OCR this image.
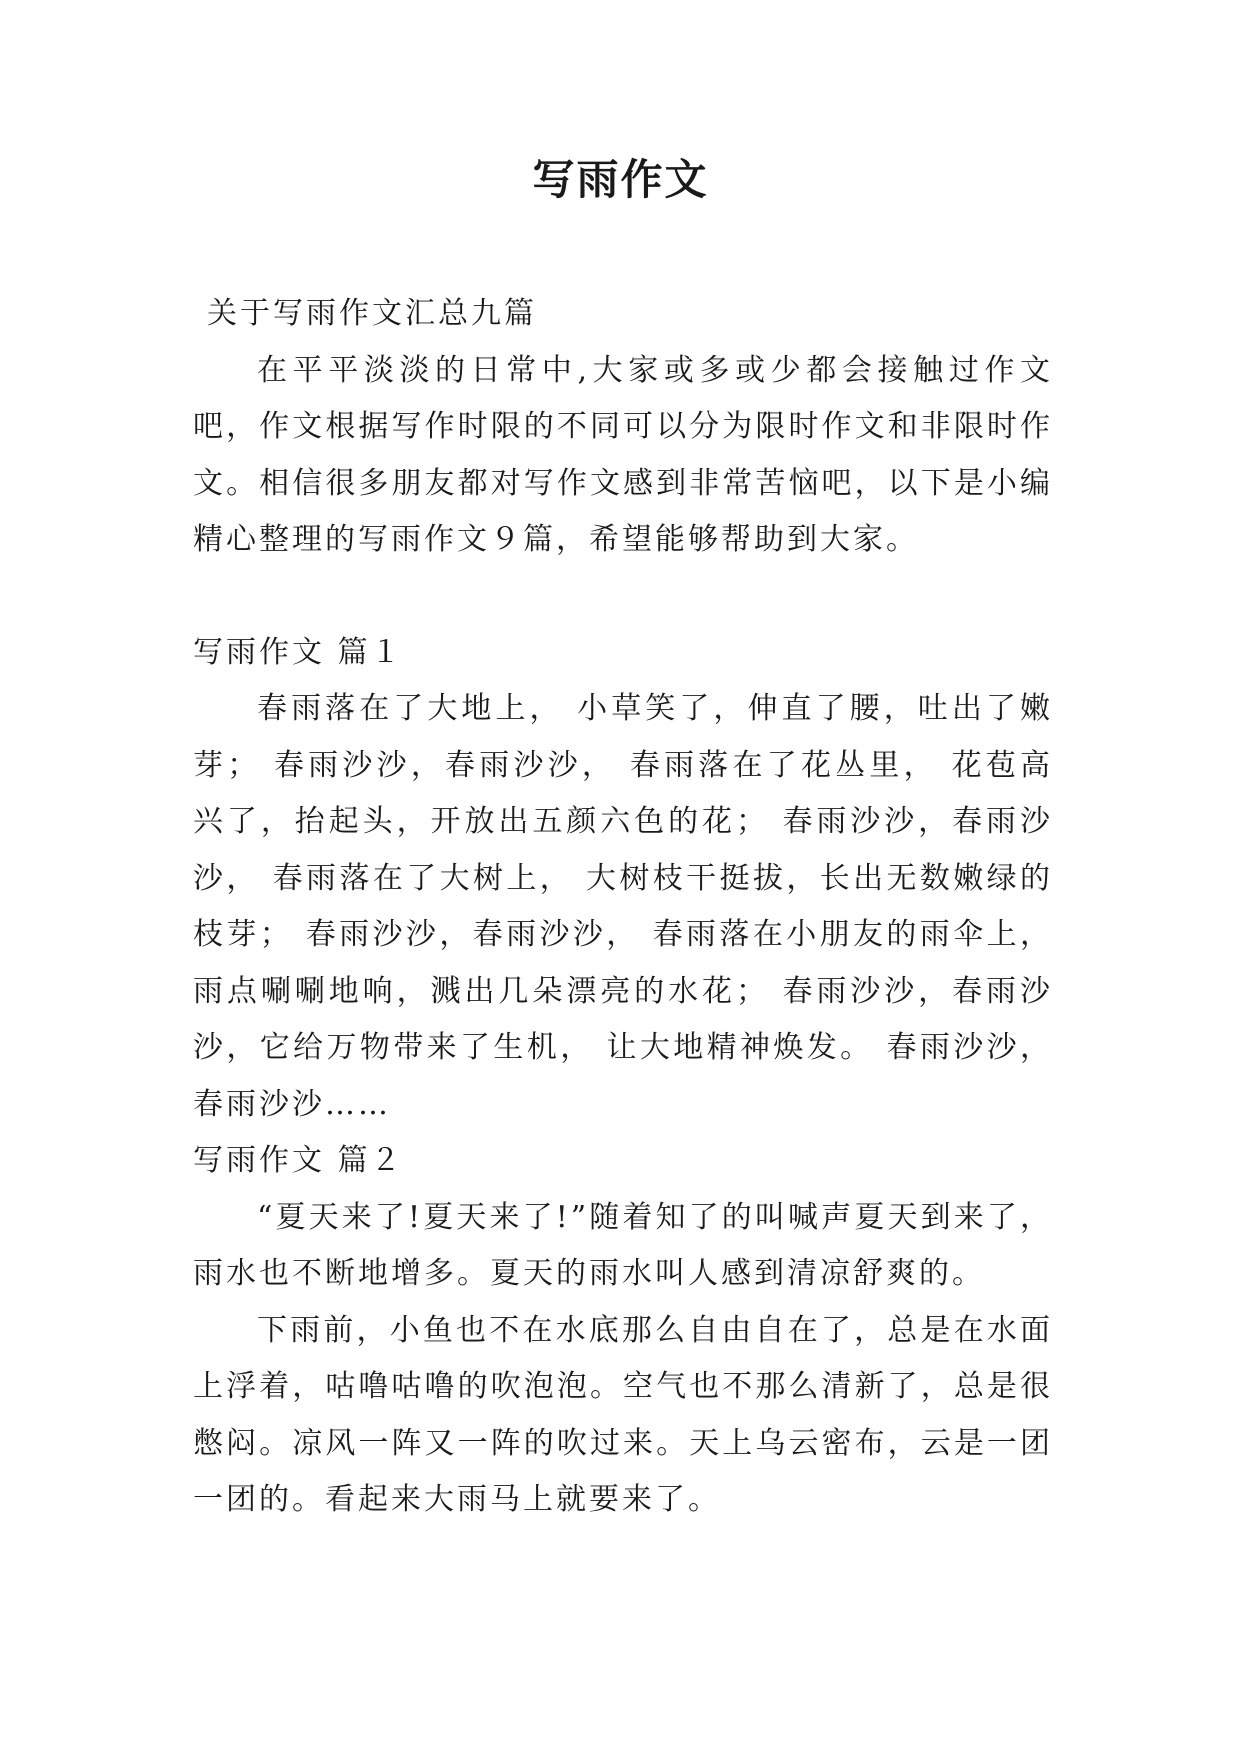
写雨作文

关于写雨作文汇总九篇

在平平淡淡的日常中,大家或多或少都会接触过作文吧，作文根据写作时限的不同可以分为限时作文和非限时作文。相信很多朋友都对写作文感到非常苦恼吧，以下是小编精心整理的写雨作文９篇，希望能够帮助到大家。

写雨作文 篇１

春雨落在了大地上， 小草笑了，伸直了腰，吐出了嫩芽； 春雨沙沙，春雨沙沙， 春雨落在了花丛里， 花苞高兴了，抬起头，开放出五颜六色的花； 春雨沙沙，春雨沙沙， 春雨落在了大树上， 大树枝干挺拔，长出无数嫩绿的枝芽； 春雨沙沙，春雨沙沙， 春雨落在小朋友的雨伞上，雨点唰唰地响，溅出几朵漂亮的水花； 春雨沙沙，春雨沙沙，它给万物带来了生机， 让大地精神焕发。 春雨沙沙，春雨沙沙……

写雨作文 篇２

“夏天来了!夏天来了!”随着知了的叫喊声夏天到来了，雨水也不断地增多。夏天的雨水叫人感到清凉舒爽的。

下雨前，小鱼也不在水底那么自由自在了，总是在水面上浮着，咕噜咕噜的吹泡泡。空气也不那么清新了，总是很憋闷。凉风一阵又一阵的吹过来。天上乌云密布，云是一团一团的。看起来大雨马上就要来了。
